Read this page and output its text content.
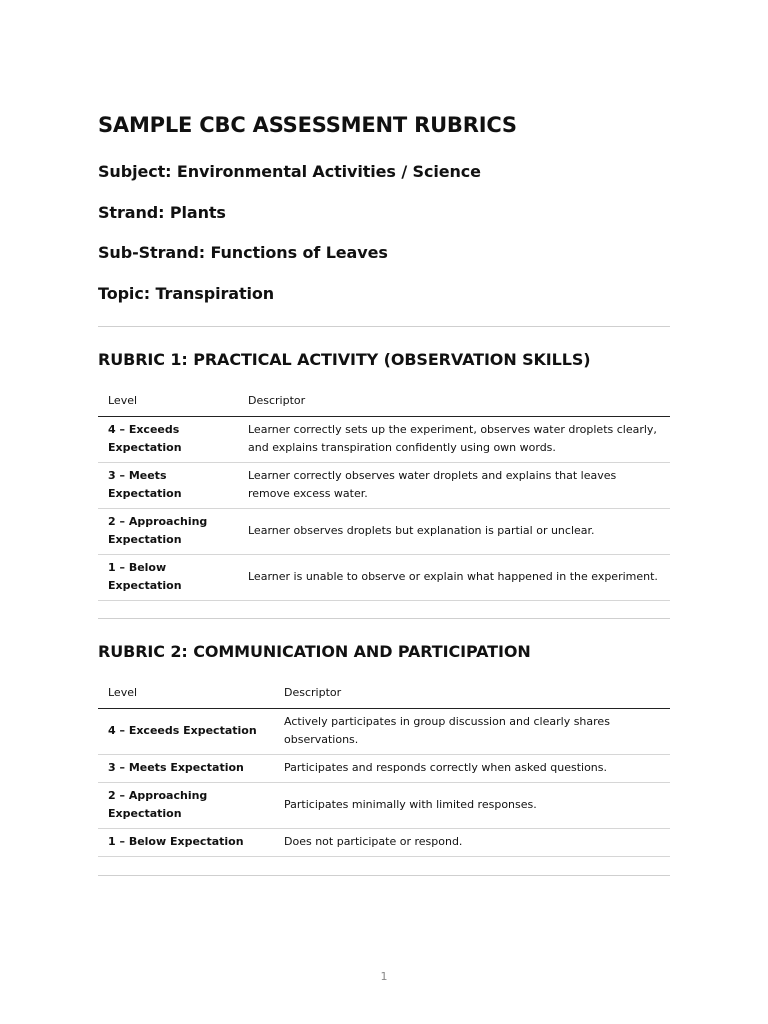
SAMPLE CBC ASSESSMENT RUBRICS
Subject: Environmental Activities / Science
Strand: Plants
Sub-Strand: Functions of Leaves
Topic: Transpiration
RUBRIC 1: PRACTICAL ACTIVITY (OBSERVATION SKILLS)
Level	Descriptor
4 – Exceeds Expectation	Learner correctly sets up the experiment, observes water droplets clearly, and explains transpiration confidently using own words.
3 – Meets Expectation	Learner correctly observes water droplets and explains that leaves remove excess water.
2 – Approaching Expectation	Learner observes droplets but explanation is partial or unclear.
1 – Below Expectation	Learner is unable to observe or explain what happened in the experiment.
RUBRIC 2: COMMUNICATION AND PARTICIPATION
Level	Descriptor
4 – Exceeds Expectation	Actively participates in group discussion and clearly shares observations.
3 – Meets Expectation	Participates and responds correctly when asked questions.
2 – Approaching Expectation	Participates minimally with limited responses.
1 – Below Expectation	Does not participate or respond.
1
